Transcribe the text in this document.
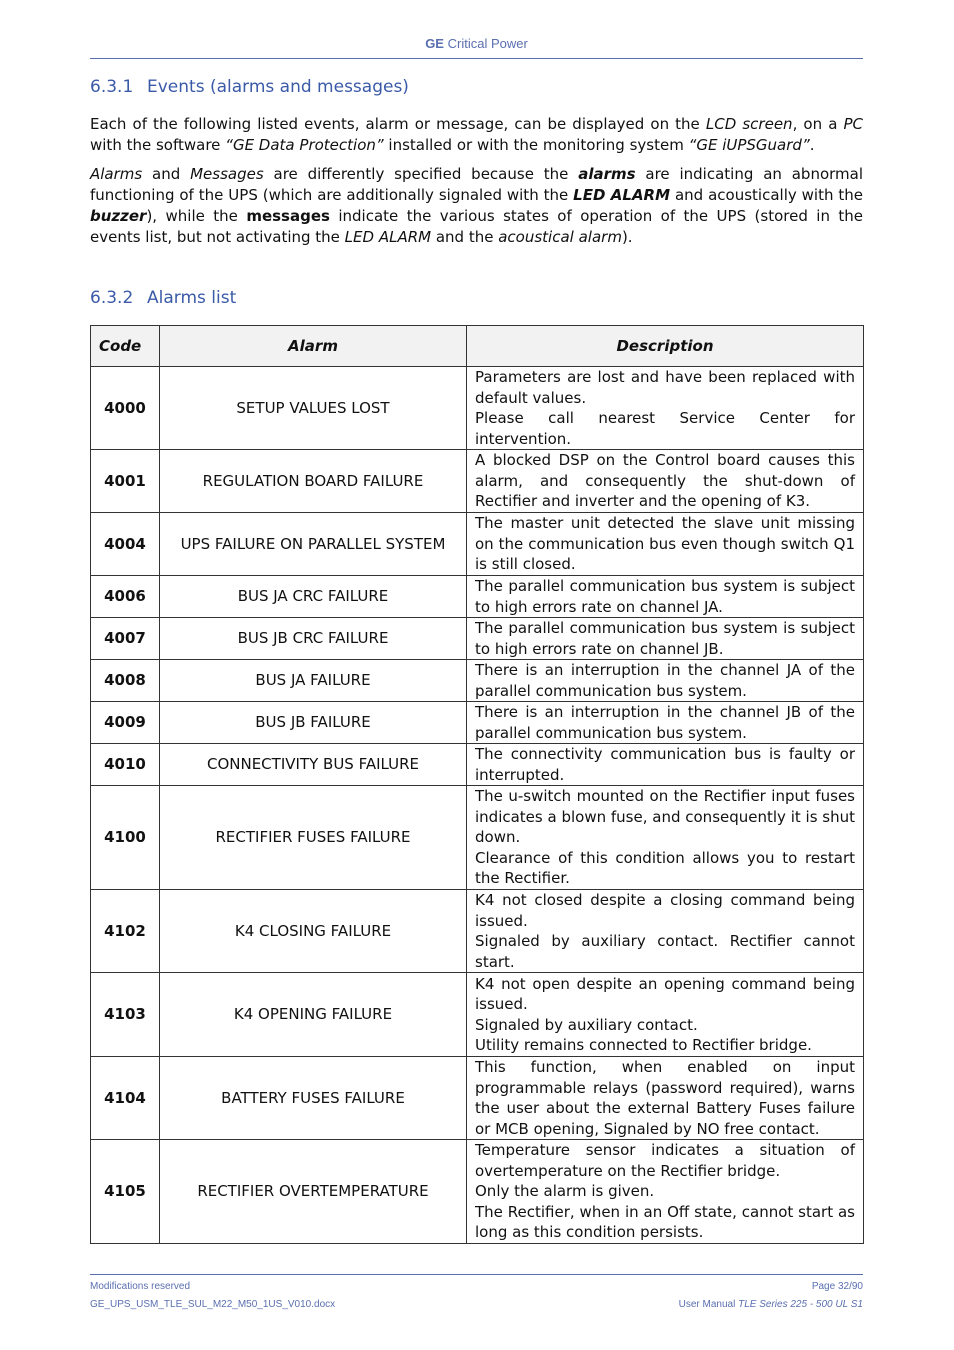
GE Critical Power
6.3.1 Events (alarms and messages)

Each of the following listed events, alarm or message, can be displayed on the LCD screen, on a PC with the software “GE Data Protection” installed or with the monitoring system “GE iUPSGuard”.

Alarms and Messages are differently specified because the alarms are indicating an abnormal functioning of the UPS (which are additionally signaled with the LED ALARM and acoustically with the buzzer), while the messages indicate the various states of operation of the UPS (stored in the events list, but not activating the LED ALARM and the acoustical alarm).

6.3.2 Alarms list
Code	Alarm	Description
4000	SETUP VALUES LOST	Parameters are lost and have been replaced with default values.
Please call nearest Service Center for intervention.

4001	REGULATION BOARD FAILURE	A blocked DSP on the Control board causes this alarm, and consequently the shut-down of Rectifier and inverter and the opening of K3.

4004	UPS FAILURE ON PARALLEL SYSTEM	The master unit detected the slave unit missing on the communication bus even though switch Q1 is still closed.

4006	BUS JA CRC FAILURE	The parallel communication bus system is subject to high errors rate on channel JA.

4007	BUS JB CRC FAILURE	The parallel communication bus system is subject to high errors rate on channel JB.

4008	BUS JA FAILURE	There is an interruption in the channel JA of the parallel communication bus system.

4009	BUS JB FAILURE	There is an interruption in the channel JB of the parallel communication bus system.

4010	CONNECTIVITY BUS FAILURE	The connectivity communication bus is faulty or interrupted.

4100	RECTIFIER FUSES FAILURE	The u-switch mounted on the Rectifier input fuses indicates a blown fuse, and consequently it is shut down.
Clearance of this condition allows you to restart the Rectifier.

4102	K4 CLOSING FAILURE	K4 not closed despite a closing command being issued.
Signaled by auxiliary contact. Rectifier cannot start.

4103	K4 OPENING FAILURE	K4 not open despite an opening command being issued.
Signaled by auxiliary contact.
Utility remains connected to Rectifier bridge.

4104	BATTERY FUSES FAILURE	This function, when enabled on input programmable relays (password required), warns the user about the external Battery Fuses failure or MCB opening, Signaled by NO free contact.

4105	RECTIFIER OVERTEMPERATURE	Temperature sensor indicates a situation of overtemperature on the Rectifier bridge.
Only the alarm is given.
The Rectifier, when in an Off state, cannot start as long as this condition persists.
Modifications reserved
GE_UPS_USM_TLE_SUL_M22_M50_1US_V010.docx
Page 32/90
User Manual TLE Series 225 - 500 UL S1
